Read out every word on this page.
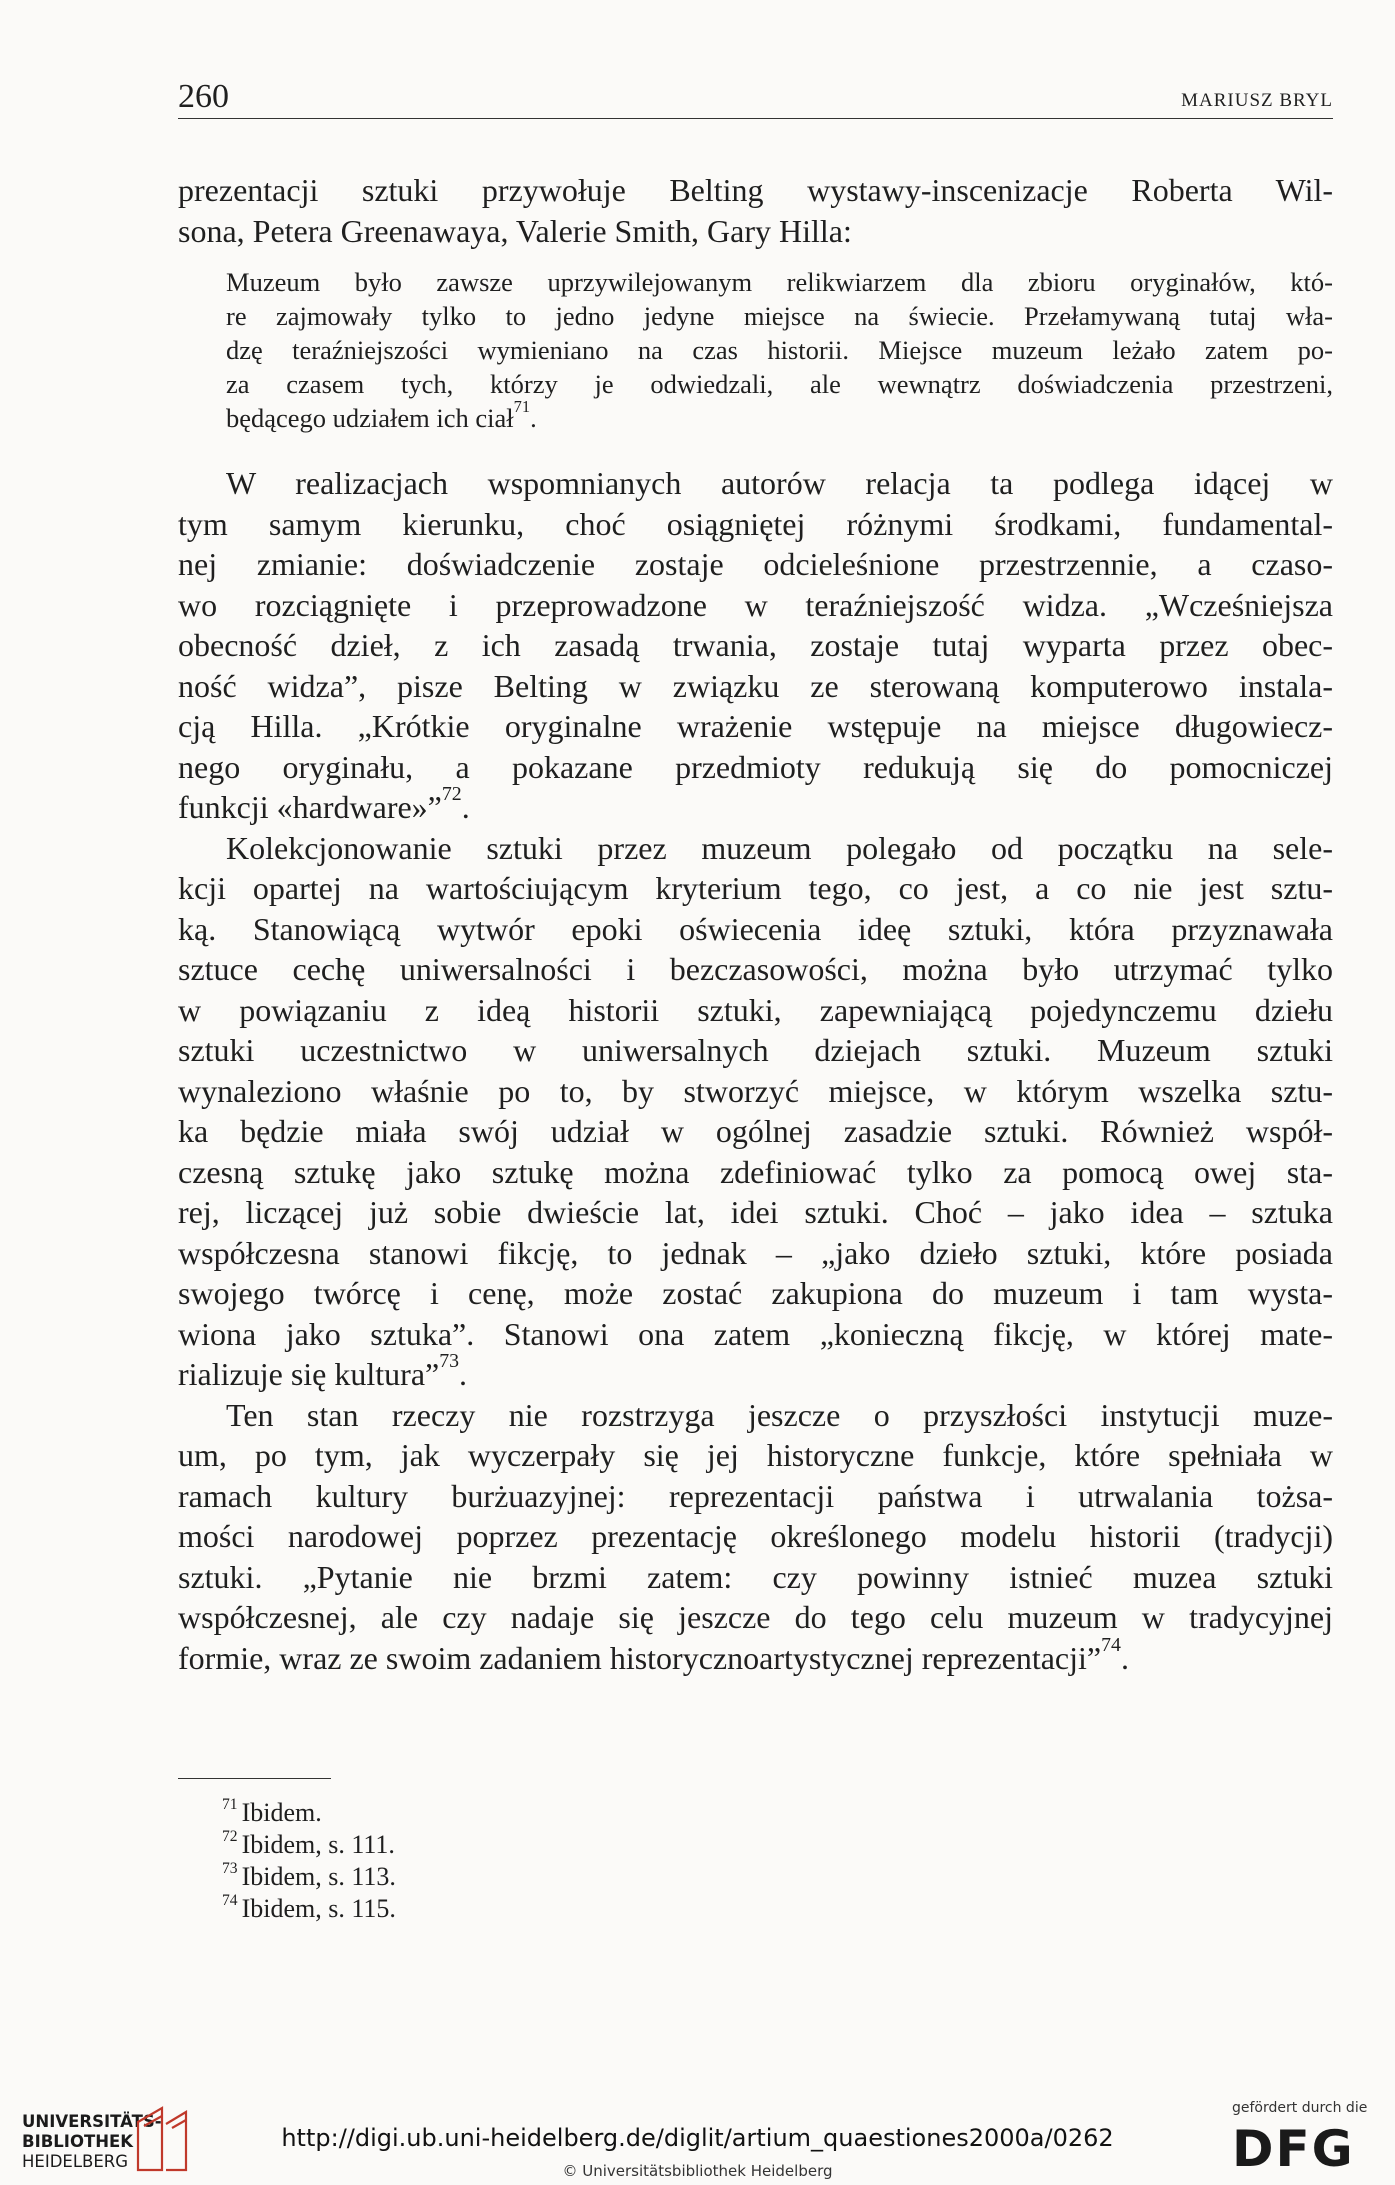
260	MARIUSZ BRYL

prezentacji sztuki przywołuje Belting wystawy-inscenizacje Roberta Wil-
sona, Petera Greenawaya, Valerie Smith, Gary Hilla:

Muzeum było zawsze uprzywilejowanym relikwiarzem dla zbioru oryginałów, któ-
re zajmowały tylko to jedno jedyne miejsce na świecie. Przełamywaną tutaj wła-
dzę teraźniejszości wymieniano na czas historii. Miejsce muzeum leżało zatem po-
za czasem tych, którzy je odwiedzali, ale wewnątrz doświadczenia przestrzeni,
będącego udziałem ich ciał$^{71}$.

W realizacjach wspomnianych autorów relacja ta podlega idącej w
tym samym kierunku, choć osiągniętej różnymi środkami, fundamental-
nej zmianie: doświadczenie zostaje odcieleśnione przestrzennie, a czaso-
wo rozciągnięte i przeprowadzone w teraźniejszość widza. „Wcześniejsza
obecność dzieł, z ich zasadą trwania, zostaje tutaj wyparta przez obec-
ność widza”, pisze Belting w związku ze sterowaną komputerowo instala-
cją Hilla. „Krótkie oryginalne wrażenie wstępuje na miejsce długowiecz-
nego oryginału, a pokazane przedmioty redukują się do pomocniczej
funkcji «hardware»”$^{72}$.

Kolekcjonowanie sztuki przez muzeum polegało od początku na sele-
kcji opartej na wartościującym kryterium tego, co jest, a co nie jest sztu-
ką. Stanowiącą wytwór epoki oświecenia ideę sztuki, która przyznawała
sztuce cechę uniwersalności i bezczasowości, można było utrzymać tylko
w powiązaniu z ideą historii sztuki, zapewniającą pojedynczemu dziełu
sztuki uczestnictwo w uniwersalnych dziejach sztuki. Muzeum sztuki
wynaleziono właśnie po to, by stworzyć miejsce, w którym wszelka sztu-
ka będzie miała swój udział w ogólnej zasadzie sztuki. Również współ-
czesną sztukę jako sztukę można zdefiniować tylko za pomocą owej sta-
rej, liczącej już sobie dwieście lat, idei sztuki. Choć – jako idea – sztuka
współczesna stanowi fikcję, to jednak – „jako dzieło sztuki, które posiada
swojego twórcę i cenę, może zostać zakupiona do muzeum i tam wysta-
wiona jako sztuka”. Stanowi ona zatem „konieczną fikcję, w której mate-
rializuje się kultura”$^{73}$.

Ten stan rzeczy nie rozstrzyga jeszcze o przyszłości instytucji muze-
um, po tym, jak wyczerpały się jej historyczne funkcje, które spełniała w
ramach kultury burżuazyjnej: reprezentacji państwa i utrwalania tożsa-
mości narodowej poprzez prezentację określonego modelu historii (tradycji)
sztuki. „Pytanie nie brzmi zatem: czy powinny istnieć muzea sztuki
współczesnej, ale czy nadaje się jeszcze do tego celu muzeum w tradycyjnej
formie, wraz ze swoim zadaniem historycznoartystycznej reprezentacji”$^{74}$.

$^{71}$ Ibidem.
$^{72}$ Ibidem, s. 111.
$^{73}$ Ibidem, s. 113.
$^{74}$ Ibidem, s. 115.
UNIVERSITÄTS-
BIBLIOTHEK
HEIDELBERG
http://digi.ub.uni-heidelberg.de/diglit/artium_quaestiones2000a/0262
© Universitätsbibliothek Heidelberg
gefördert durch die
DFG
